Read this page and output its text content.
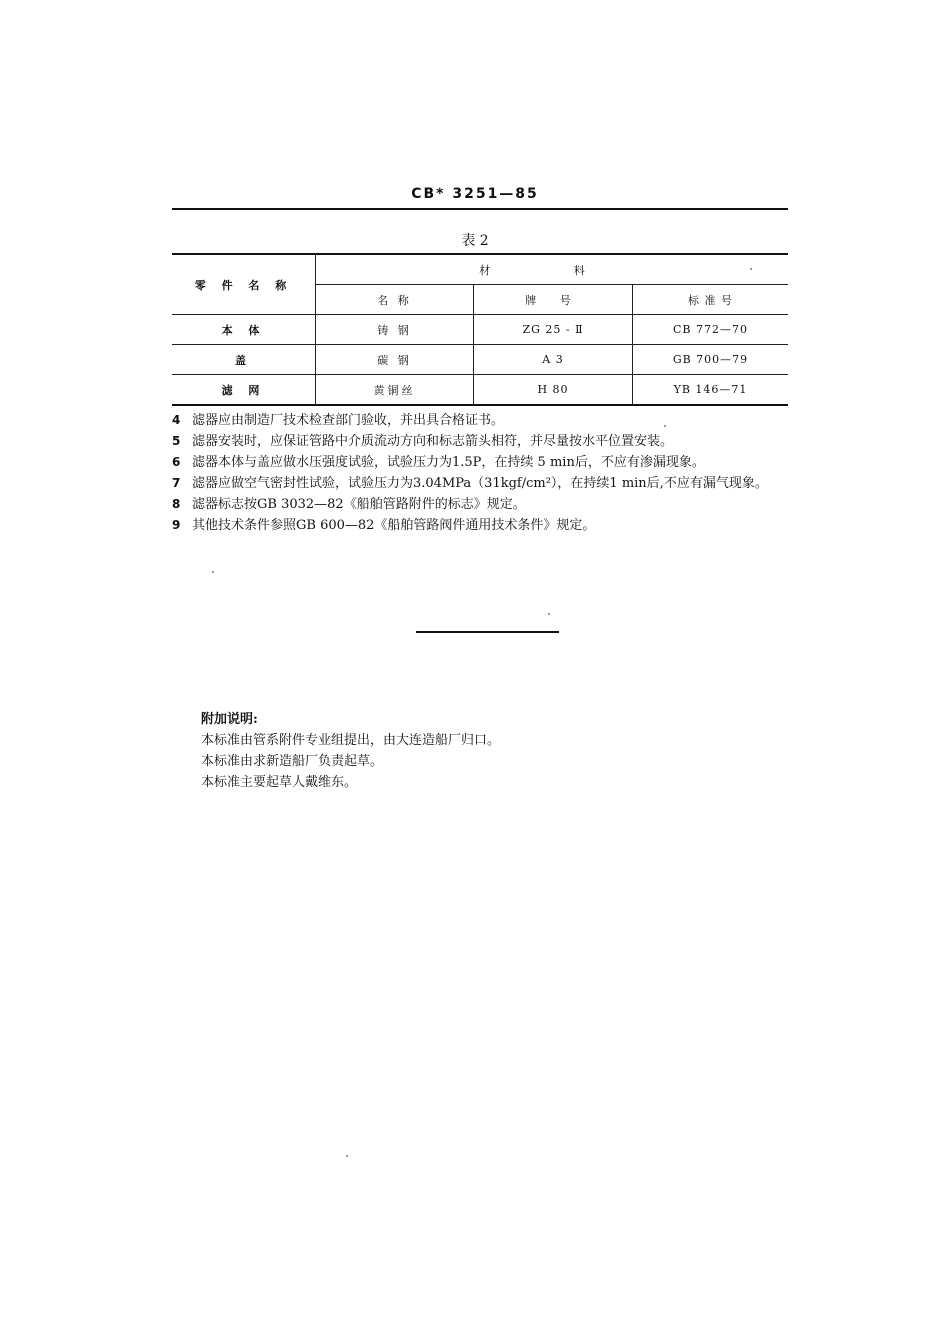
CB* 3251—85
表 2
零 件 名 称	材 料		
	名 称	牌 号	标 准 号
本 体	铸 钢	ZG 25 - Ⅱ	CB 772—70
盖	碳 钢	A 3	GB 700—79
滤 网	黄铜丝	H 80	YB 146—71
4 滤器应由制造厂技术检查部门验收，并出具合格证书。
5 滤器安装时，应保证管路中介质流动方向和标志箭头相符，并尽量按水平位置安装。
6 滤器本体与盖应做水压强度试验，试验压力为1.5P，在持续 5 min后，不应有渗漏现象。
7 滤器应做空气密封性试验，试验压力为3.04MPa（31kgf/cm²），在持续1 min后,不应有漏气现象。
8 滤器标志按GB 3032—82《船舶管路附件的标志》规定。
9 其他技术条件参照GB 600—82《船舶管路阀件通用技术条件》规定。
附加说明:
本标准由管系附件专业组提出，由大连造船厂归口。
本标准由求新造船厂负责起草。
本标准主要起草人戴维东。
